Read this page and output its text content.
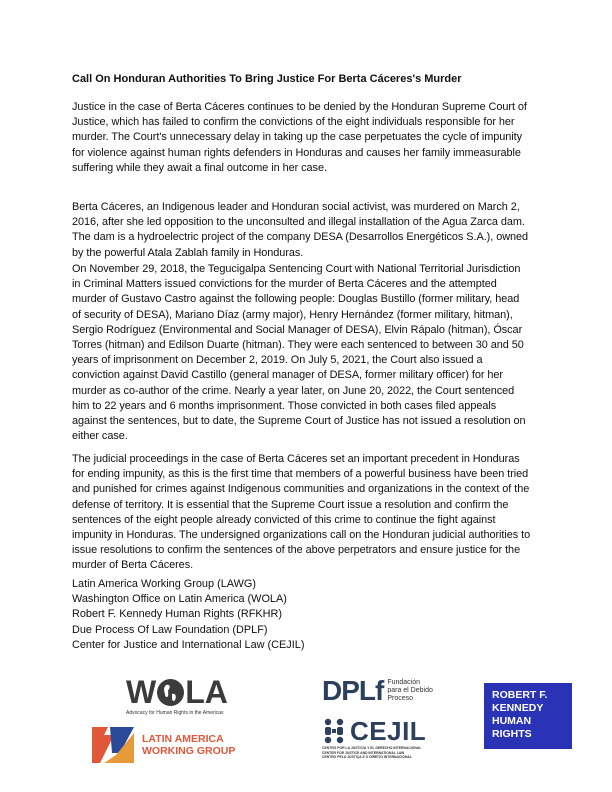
Call On Honduran Authorities To Bring Justice For Berta Cáceres's Murder
Justice in the case of Berta Cáceres continues to be denied by the Honduran Supreme Court of
Justice, which has failed to confirm the convictions of the eight individuals responsible for her
murder. The Court's unnecessary delay in taking up the case perpetuates the cycle of impunity
for violence against human rights defenders in Honduras and causes her family immeasurable
suffering while they await a final outcome in her case.
Berta Cáceres, an Indigenous leader and Honduran social activist, was murdered on March 2,
2016, after she led opposition to the unconsulted and illegal installation of the Agua Zarca dam.
The dam is a hydroelectric project of the company DESA (Desarrollos Energéticos S.A.), owned
by the powerful Atala Zablah family in Honduras.
On November 29, 2018, the Tegucigalpa Sentencing Court with National Territorial Jurisdiction
in Criminal Matters issued convictions for the murder of Berta Cáceres and the attempted
murder of Gustavo Castro against the following people: Douglas Bustillo (former military, head
of security of DESA), Mariano Díaz (army major), Henry Hernández (former military, hitman),
Sergio Rodríguez (Environmental and Social Manager of DESA), Elvin Rápalo (hitman), Óscar
Torres (hitman) and Edilson Duarte (hitman). They were each sentenced to between 30 and 50
years of imprisonment on December 2, 2019. On July 5, 2021, the Court also issued a
conviction against David Castillo (general manager of DESA, former military officer) for her
murder as co-author of the crime. Nearly a year later, on June 20, 2022, the Court sentenced
him to 22 years and 6 months imprisonment. Those convicted in both cases filed appeals
against the sentences, but to date, the Supreme Court of Justice has not issued a resolution on
either case.
The judicial proceedings in the case of Berta Cáceres set an important precedent in Honduras
for ending impunity, as this is the first time that members of a powerful business have been tried
and punished for crimes against Indigenous communities and organizations in the context of the
defense of territory. It is essential that the Supreme Court issue a resolution and confirm the
sentences of the eight people already convicted of this crime to continue the fight against
impunity in Honduras. The undersigned organizations call on the Honduran judicial authorities to
issue resolutions to confirm the sentences of the above perpetrators and ensure justice for the
murder of Berta Cáceres.
Latin America Working Group (LAWG)
Washington Office on Latin America (WOLA)
Robert F. Kennedy Human Rights (RFKHR)
Due Process Of Law Foundation (DPLF)
Center for Justice and International Law (CEJIL)
W LA
Advocacy for Human Rights in the Americas
LATIN AMERICA
WORKING GROUP
DPLf Fundación
para el Debido
Proceso
CEJIL
CENTRO POR LA JUSTICIA Y EL DERECHO INTERNACIONAL
CENTER FOR JUSTICE AND INTERNATIONAL LAW
CENTRO PELA JUSTIÇA E O DIREITO INTERNACIONAL
ROBERT F.
KENNEDY
HUMAN
RIGHTS
